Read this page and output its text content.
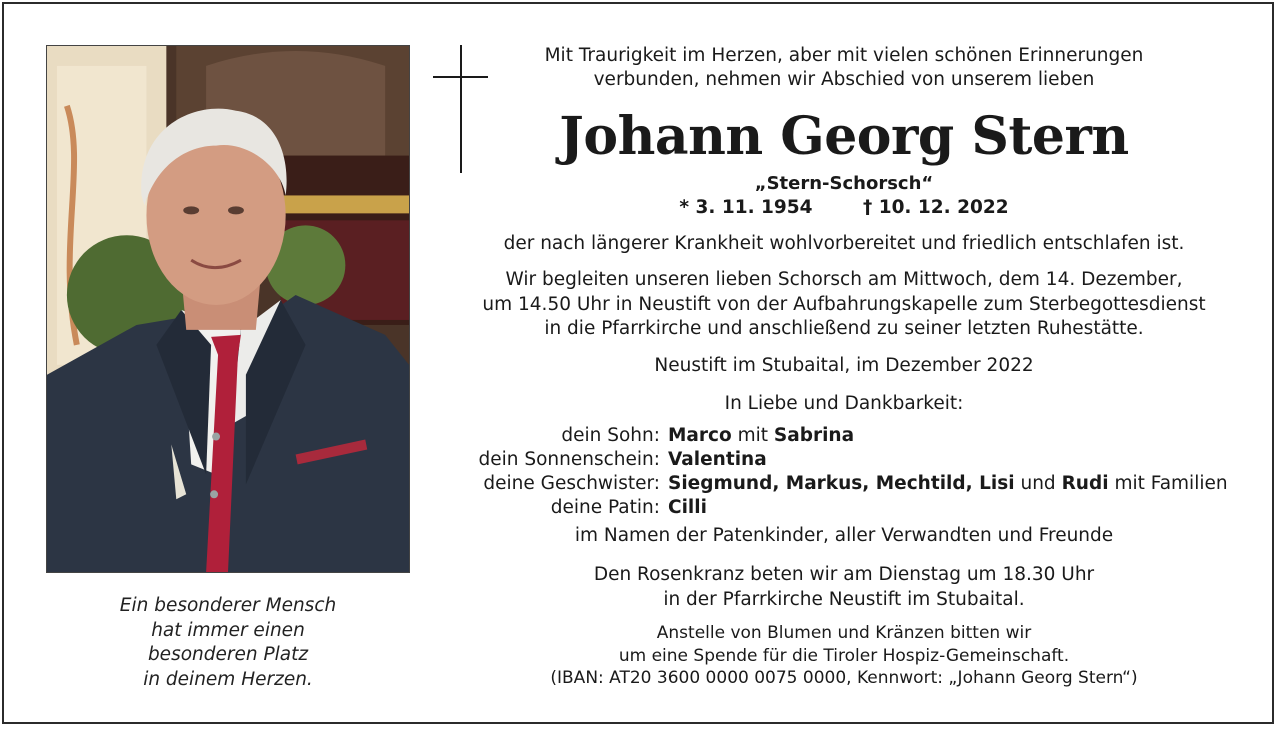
Ein besonderer Mensch
hat immer einen
besonderen Platz
in deinem Herzen.
Mit Traurigkeit im Herzen, aber mit vielen schönen Erinnerungen
verbunden, nehmen wir Abschied von unserem lieben
Johann Georg Stern
„Stern-Schorsch“
* 3. 11. 1954	† 10. 12. 2022
der nach längerer Krankheit wohlvorbereitet und friedlich entschlafen ist.
Wir begleiten unseren lieben Schorsch am Mittwoch, dem 14. Dezember,
um 14.50 Uhr in Neustift von der Aufbahrungskapelle zum Sterbegottesdienst
in die Pfarrkirche und anschließend zu seiner letzten Ruhestätte.
Neustift im Stubaital, im Dezember 2022
In Liebe und Dankbarkeit:
dein Sohn: Marco mit Sabrina
dein Sonnenschein: Valentina
deine Geschwister: Siegmund, Markus, Mechtild, Lisi und Rudi mit Familien
deine Patin: Cilli
im Namen der Patenkinder, aller Verwandten und Freunde
Den Rosenkranz beten wir am Dienstag um 18.30 Uhr
in der Pfarrkirche Neustift im Stubaital.
Anstelle von Blumen und Kränzen bitten wir
um eine Spende für die Tiroler Hospiz-Gemeinschaft.
(IBAN: AT20 3600 0000 0075 0000, Kennwort: „Johann Georg Stern“)
